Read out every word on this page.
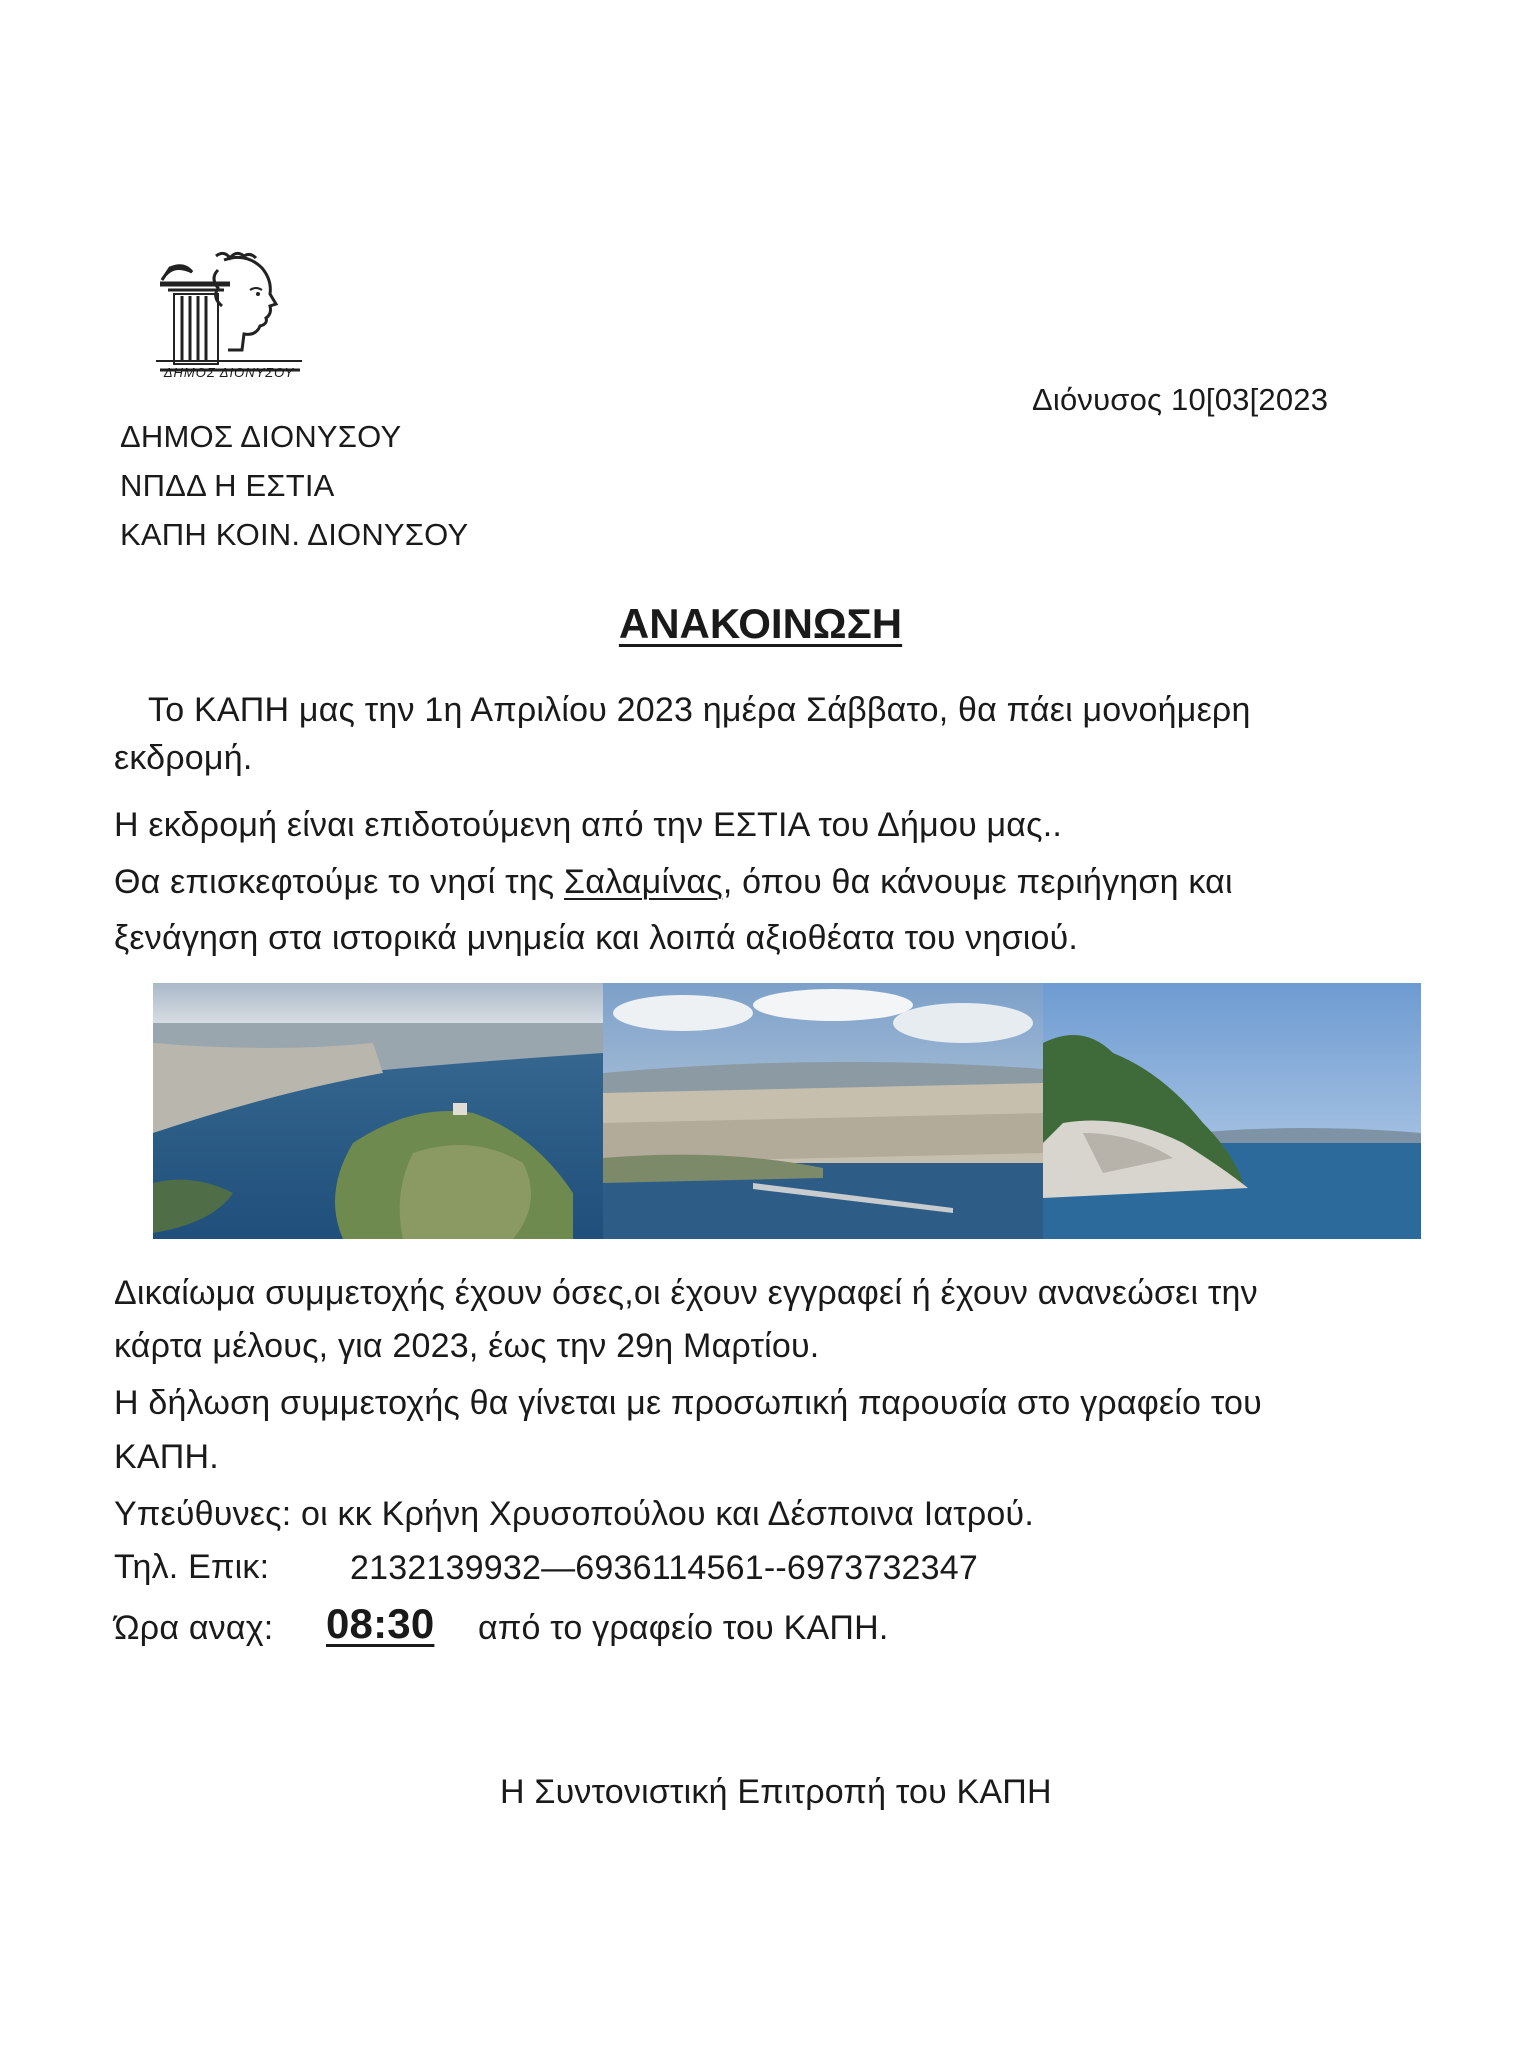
ΔΗΜΟΣ ΔΙΟΝΥΣΟΥ
ΔΗΜΟΣ ΔΙΟΝΥΣΟΥ
ΝΠΔΔ Η ΕΣΤΙΑ
ΚΑΠΗ ΚΟΙΝ. ΔΙΟΝΥΣΟΥ
Διόνυσος 10[03[2023
ΑΝΑΚΟΙΝΩΣΗ
Το ΚΑΠΗ μας την 1η Απριλίου 2023 ημέρα Σάββατο, θα πάει μονοήμερη
εκδρομή.
Η εκδρομή είναι επιδοτούμενη από την ΕΣΤΙΑ του Δήμου μας..
Θα επισκεφτούμε το νησί της Σαλαμίνας, όπου θα κάνουμε περιήγηση και
ξενάγηση στα ιστορικά μνημεία και λοιπά αξιοθέατα του νησιού.
Δικαίωμα συμμετοχής έχουν όσες,οι έχουν εγγραφεί ή έχουν ανανεώσει την
κάρτα μέλους, για 2023, έως την 29η Μαρτίου.
Η δήλωση συμμετοχής θα γίνεται με προσωπική παρουσία στο γραφείο του
ΚΑΠΗ.
Υπεύθυνες: οι κκ Κρήνη Χρυσοπούλου και Δέσποινα Ιατρού.
Τηλ. Επικ: 2132139932—6936114561--6973732347
Ώρα αναχ: 08:30 από το γραφείο του ΚΑΠΗ.
Η Συντονιστική Επιτροπή του ΚΑΠΗ
